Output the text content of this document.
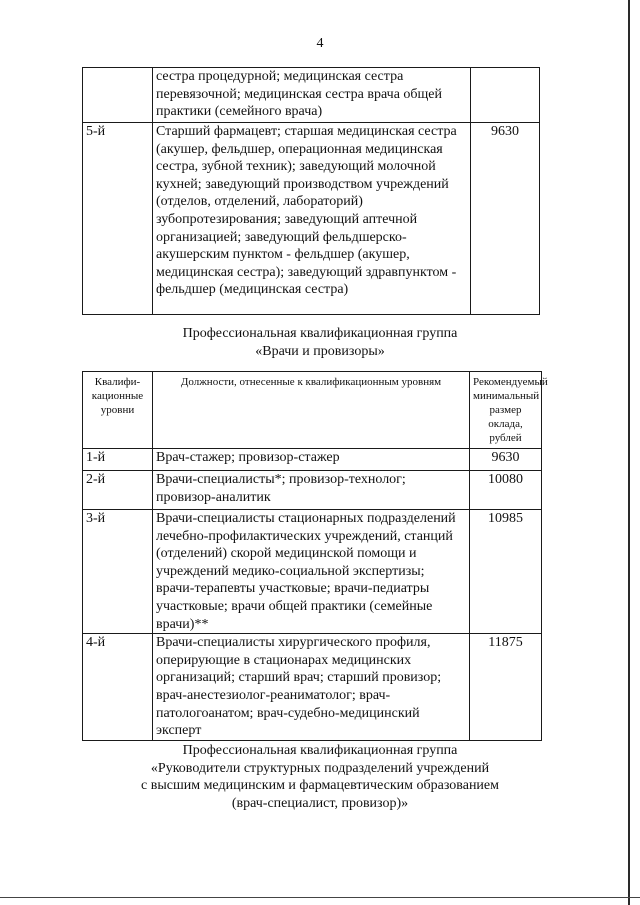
4
	сестра процедурной; медицинская сестра перевязочной; медицинская сестра врача общей практики (семейного врача)	
5-й	Старший фармацевт; старшая медицинская сестра (акушер, фельдшер, операционная медицинская сестра, зубной техник); заведующий молочной кухней; заведующий производством учреждений (отделов, отделений, лабораторий) зубопротезирования; заведующий аптечной организацией; заведующий фельдшерско-акушерским пунктом - фельдшер (акушер, медицинская сестра); заведующий здравпунктом - фельдшер (медицинская сестра)	9630
Профессиональная квалификационная группа
«Врачи и провизоры»
Квалифи- кационные уровни	Должности, отнесенные к квалификационным уровням	Рекомендуемый минимальный размер оклада, рублей
1-й	Врач-стажер; провизор-стажер	9630
2-й	Врачи-специалисты*; провизор-технолог; провизор-аналитик	10080
3-й	Врачи-специалисты стационарных подразделений лечебно-профилактических учреждений, станций (отделений) скорой медицинской помощи и учреждений медико-социальной экспертизы; врачи-терапевты участковые; врачи-педиатры участковые; врачи общей практики (семейные врачи)**	10985
4-й	Врачи-специалисты хирургического профиля, оперирующие в стационарах медицинских организаций; старший врач; старший провизор; врач-анестезиолог-реаниматолог; врач-патологоанатом; врач-судебно-медицинский эксперт	11875
Профессиональная квалификационная группа
«Руководители структурных подразделений учреждений
с высшим медицинским и фармацевтическим образованием
(врач-специалист, провизор)»
